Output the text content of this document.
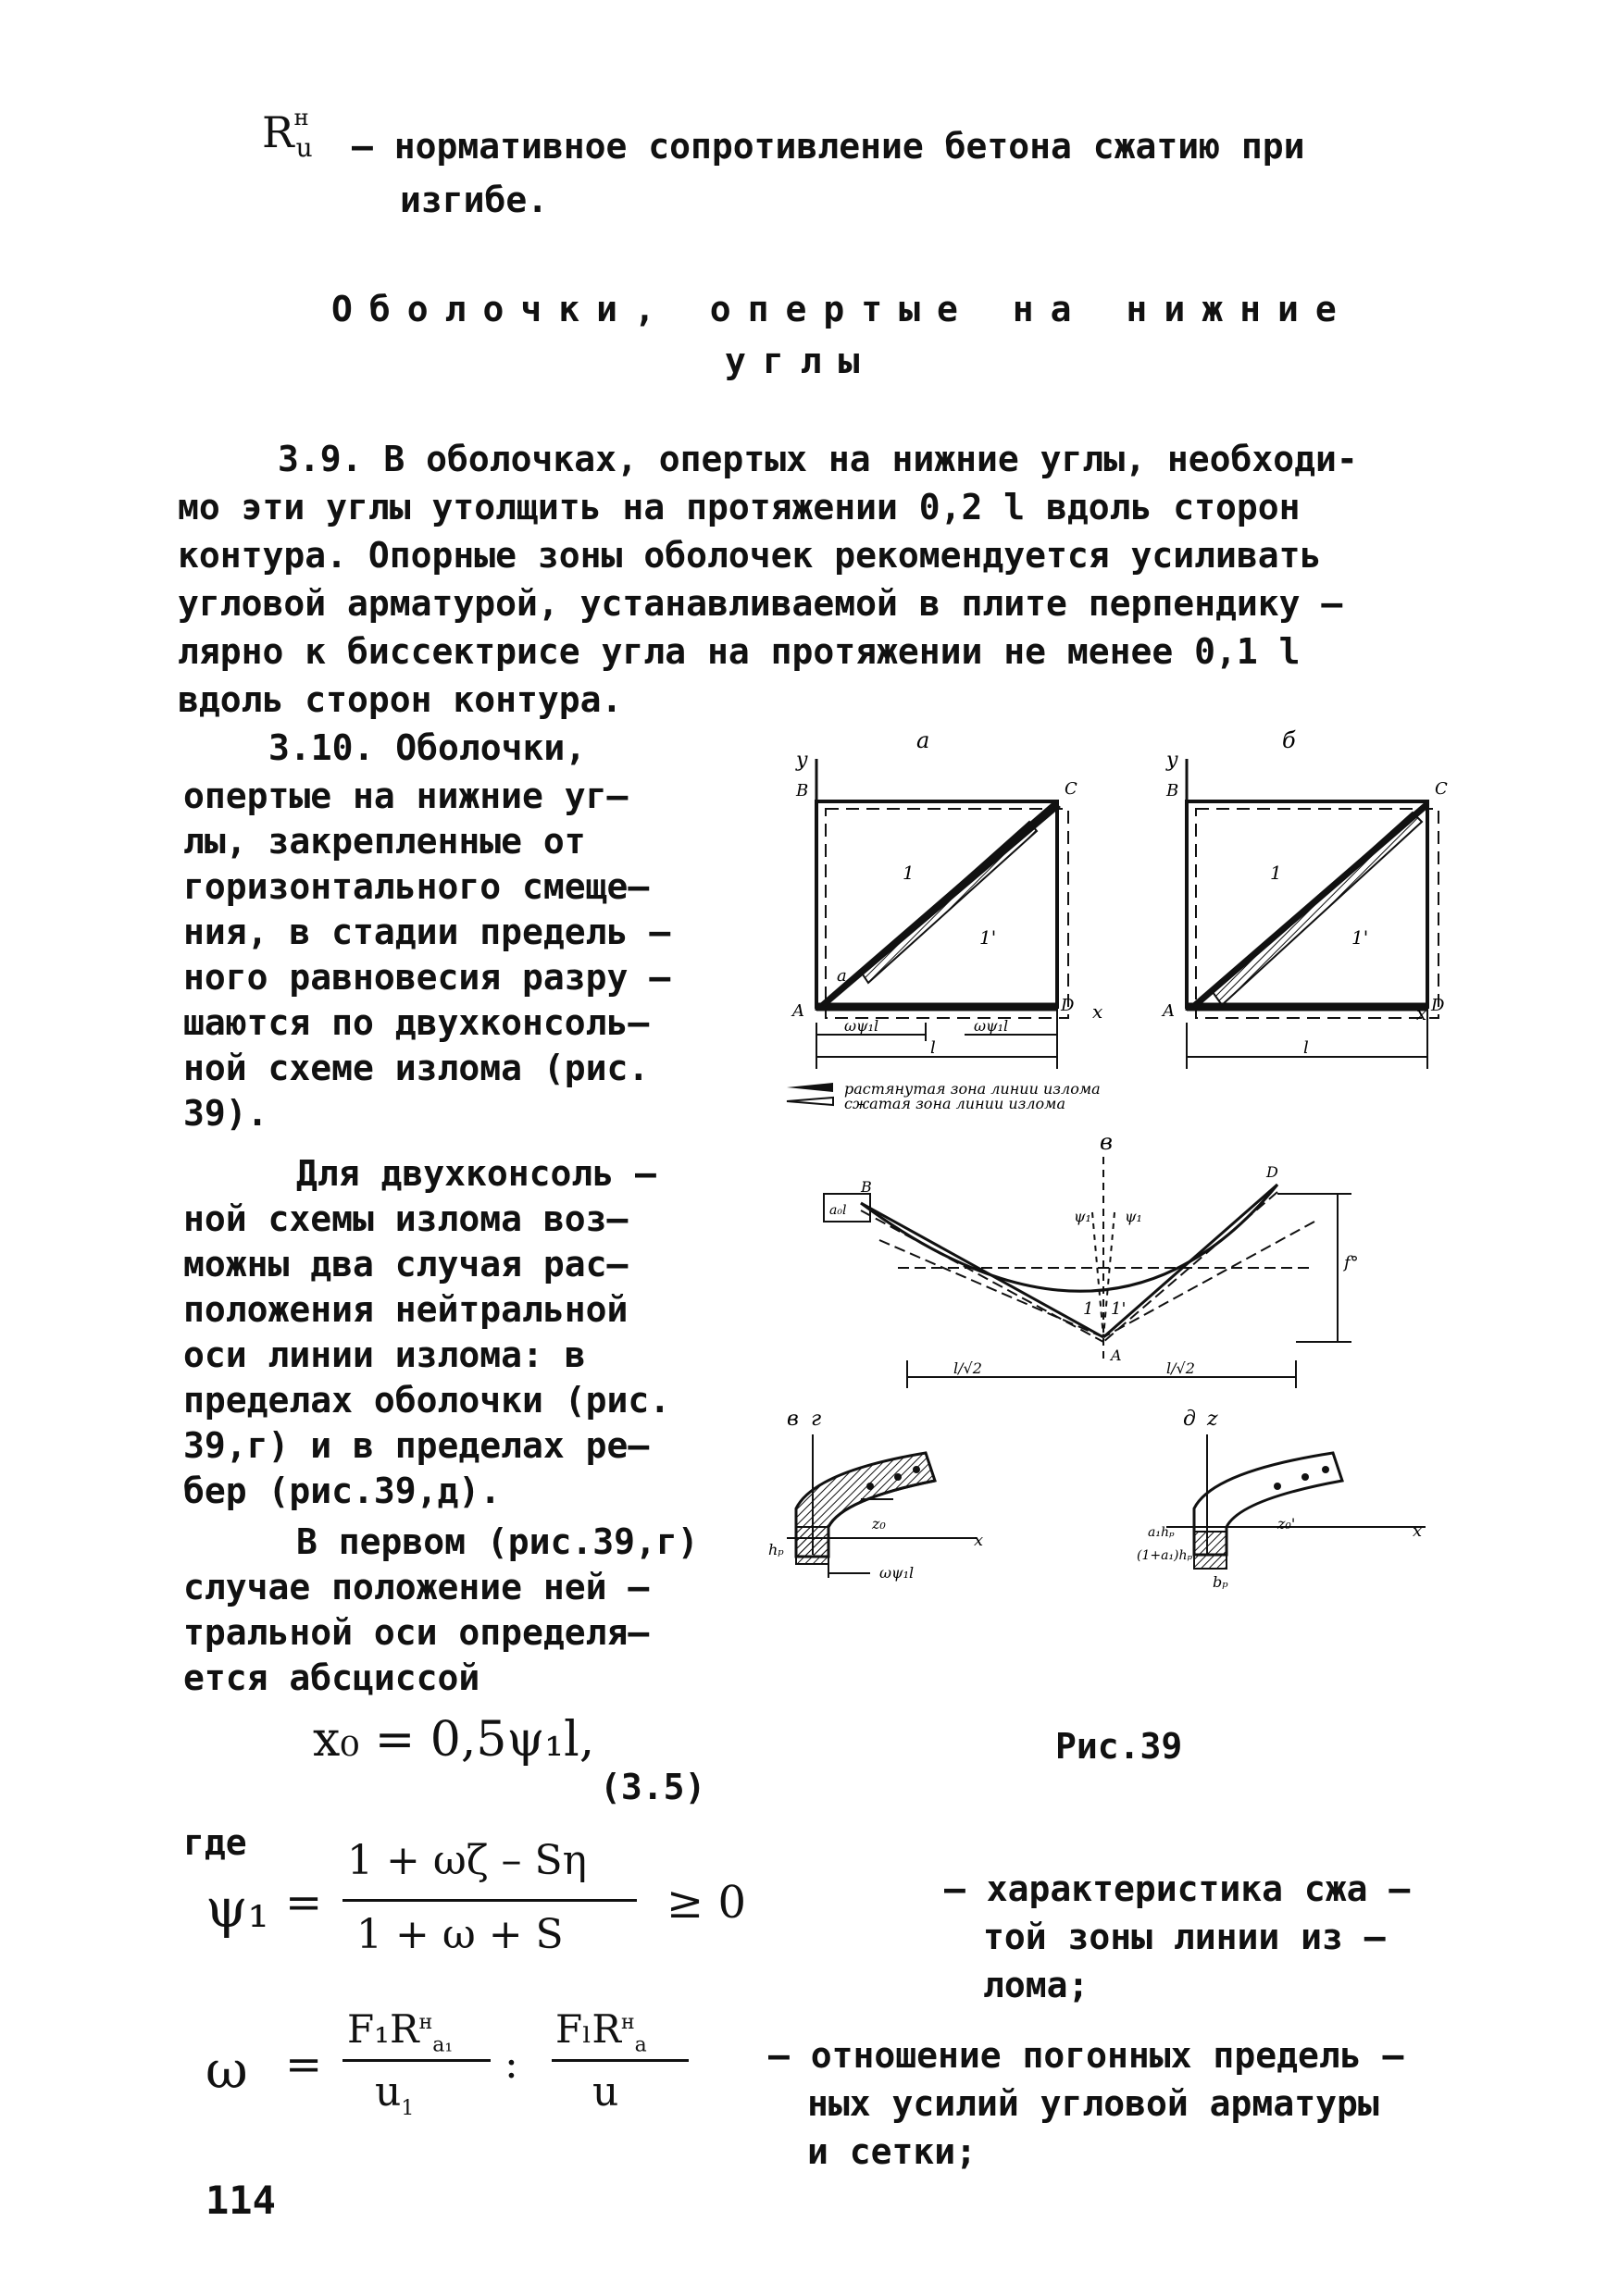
$R^н_u$ – нормативное сопротивление бетона сжатию при
изгибе.
Оболочки, опертые на нижние
углы
3.9. В оболочках, опертых на нижние углы, необходи-
мо эти углы утолщить на протяжении 0,2 l вдоль сторон
контура. Опорные зоны оболочек рекомендуется усиливать
угловой арматурой, устанавливаемой в плите перпендику –
лярно к биссектрисе угла на протяжении не менее 0,1 l
вдоль сторон контура.
3.10. Оболочки,
опертые на нижние уг–
лы, закрепленные от
горизонтального смеще–
ния, в стадии предель –
ного равновесия разру –
шаются по двухконсоль–
ной схеме излома (рис.
39).
Для двухконсоль –
ной схемы излома воз–
можны два случая рас–
положения нейтральной
оси линии излома: в
пределах оболочки (рис.
39,г) и в пределах ре–
бер (рис.39,д).
В первом (рис.39,г)
случае положение ней –
тральной оси определя–
ется абсциссой
x₀ = 0,5ψ₁l,
(3.5)
Рис.39
где
ψ₁ =
1 + ωζ – Sη
1 + ω + S
≥ 0	– характеристика сжа –
той зоны линии из –
лома;
ω =
$F_1R^н_{a_1}$
$u_1$
:
FₗR$^н_a$
u
– отношение погонных предель –
ных усилий угловой арматуры
и сетки;
114
а	б
y
B	C
A	D x
1
1'
a
ωψ₁l	ωψ₁l
l
y
B	C
A	D
x
1
1'
l
растянутая зона линии излома
сжатая зона линии излома
в
a₀l	ψ₁ ψ₁
1 1'
B
D
A
f°
l/√2	l/√2
в г
x
z₀
hₚ
ωψ₁l
д z
x
z₀'
a₁hₚ
(1+a₁)hₚ
bₚ
